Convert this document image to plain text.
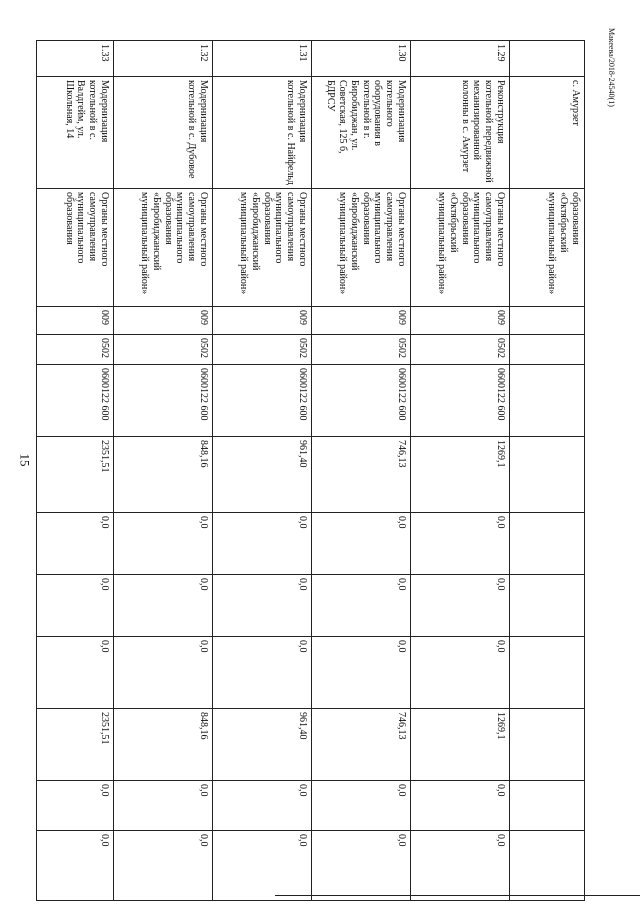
15
Макеева/2018-24540(1)
	с. Амурзет	образования «Октябрьский муниципальный район»										
1.29	Реконструкция котельной передвижной механизированной колонны в с. Амурзет	Органы местного самоуправления муниципального образования «Октябрьский муниципальный район»	009	0502	0600122 600	1269,1	0,0	0,0	0,0	1269,1	0,0	0,0
1.30	Модернизация котельного оборудования в котельной в г. Биробиджан, ул. Советская, 125 б, БДРСУ	Органы местного самоуправления муниципального образования «Биробиджанский муниципальный район»	009	0502	0600122 600	746,13	0,0	0,0	0,0	746,13	0,0	0,0
1.31	Модернизация котельной в с. Найфельд	Органы местного самоуправления муниципального образования «Биробиджанский муниципальный район»	009	0502	0600122 600	961,40	0,0	0,0	0,0	961,40	0,0	0,0
1.32	Модернизация котельной в с. Дубовое	Органы местного самоуправления муниципального образования «Биробиджанский муниципальный район»	009	0502	0600122 600	848,16	0,0	0,0	0,0	848,16	0,0	0,0
1.33	Модернизация котельной в с. Валдгейм, ул. Школьная, 14	Органы местного самоуправления муниципального образования	009	0502	0600122 600	2351,51	0,0	0,0	0,0	2351,51	0,0	0,0
